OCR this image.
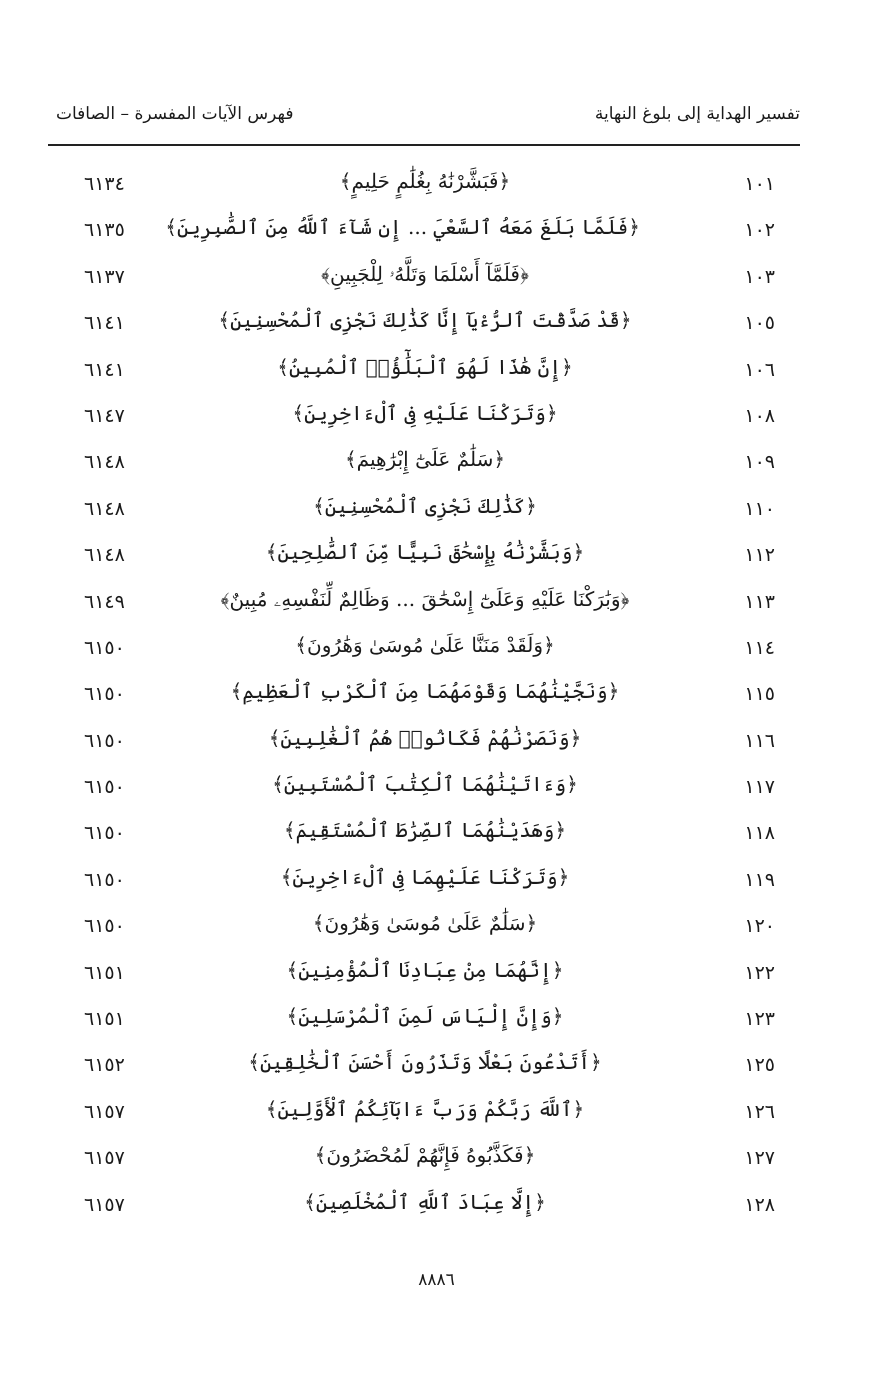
تفسير الهداية إلى بلوغ النهاية
فهرس الآيات المفسرة – الصافات
١٠١
﴿فَبَشَّرْنَٰهُ بِغُلَٰمٍ حَلِيمٍ﴾
٦١٣٤
١٠٢
﴿فَلَمَّا بَلَغَ مَعَهُ ٱلسَّعْيَ ... إِن شَآءَ ٱللَّهُ مِنَ ٱلصَّٰبِرِينَ﴾
٦١٣٥
١٠٣
﴿فَلَمَّآ أَسْلَمَا وَتَلَّهُۥ لِلْجَبِينِ﴾
٦١٣٧
١٠٥
﴿قَدْ صَدَّقْتَ ٱلرُّءْيَآ إِنَّا كَذَٰلِكَ نَجْزِى ٱلْمُحْسِنِينَ﴾
٦١٤١
١٠٦
﴿إِنَّ هَٰذَا لَهُوَ ٱلْبَلَٰٓؤُا۟ ٱلْمُبِينُ﴾
٦١٤١
١٠٨
﴿وَتَرَكْنَا عَلَيْهِ فِى ٱلْءَاخِرِينَ﴾
٦١٤٧
١٠٩
﴿سَلَٰمٌ عَلَىٰٓ إِبْرَٰهِيمَ﴾
٦١٤٨
١١٠
﴿كَذَٰلِكَ نَجْزِى ٱلْمُحْسِنِينَ﴾
٦١٤٨
١١٢
﴿وَبَشَّرْنَٰهُ بِإِسْحَٰقَ نَبِيًّا مِّنَ ٱلصَّٰلِحِينَ﴾
٦١٤٨
١١٣
﴿وَبَٰرَكْنَا عَلَيْهِ وَعَلَىٰٓ إِسْحَٰقَ ... وَظَالِمٌ لِّنَفْسِهِۦ مُبِينٌ﴾
٦١٤٩
١١٤
﴿وَلَقَدْ مَنَنَّا عَلَىٰ مُوسَىٰ وَهَٰرُونَ﴾
٦١٥٠
١١٥
﴿وَنَجَّيْنَٰهُمَا وَقَوْمَهُمَا مِنَ ٱلْكَرْبِ ٱلْعَظِيمِ﴾
٦١٥٠
١١٦
﴿وَنَصَرْنَٰهُمْ فَكَانُوا۟ هُمُ ٱلْغَٰلِبِينَ﴾
٦١٥٠
١١٧
﴿وَءَاتَيْنَٰهُمَا ٱلْكِتَٰبَ ٱلْمُسْتَبِينَ﴾
٦١٥٠
١١٨
﴿وَهَدَيْنَٰهُمَا ٱلصِّرَٰطَ ٱلْمُسْتَقِيمَ﴾
٦١٥٠
١١٩
﴿وَتَرَكْنَا عَلَيْهِمَا فِى ٱلْءَاخِرِينَ﴾
٦١٥٠
١٢٠
﴿سَلَٰمٌ عَلَىٰ مُوسَىٰ وَهَٰرُونَ﴾
٦١٥٠
١٢٢
﴿إِنَّهُمَا مِنْ عِبَادِنَا ٱلْمُؤْمِنِينَ﴾
٦١٥١
١٢٣
﴿وَإِنَّ إِلْيَاسَ لَمِنَ ٱلْمُرْسَلِينَ﴾
٦١٥١
١٢٥
﴿أَتَدْعُونَ بَعْلًا وَتَذَرُونَ أَحْسَنَ ٱلْخَٰلِقِينَ﴾
٦١٥٢
١٢٦
﴿ٱللَّهَ رَبَّكُمْ وَرَبَّ ءَابَآئِكُمُ ٱلْأَوَّلِينَ﴾
٦١٥٧
١٢٧
﴿فَكَذَّبُوهُ فَإِنَّهُمْ لَمُحْضَرُونَ﴾
٦١٥٧
١٢٨
﴿إِلَّا عِبَادَ ٱللَّهِ ٱلْمُخْلَصِينَ﴾
٦١٥٧
٨٨٨٦
